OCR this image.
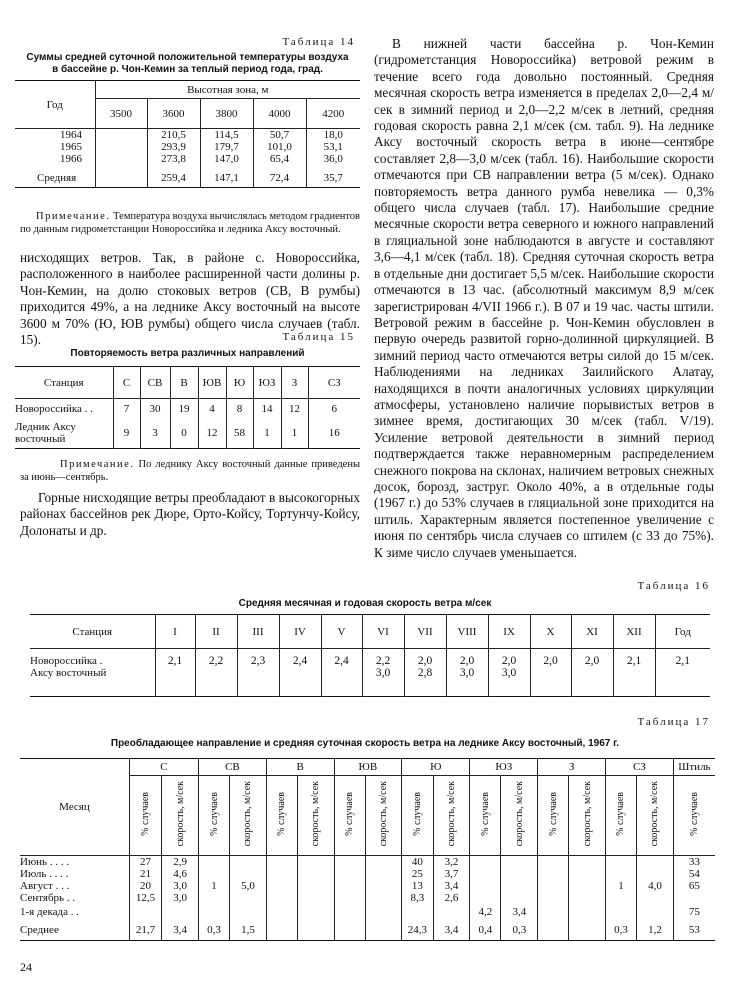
Таблица 14
Суммы средней суточной положительной температуры воздуха
в бассейне р. Чон-Кемин за теплый период года, град.
Год	Высотная зона, м				
	3500	3600	3800	4000	4200
1964		210,5	114,5	50,7	18,0
1965		293,9	179,7	101,0	53,1
1966		273,8	147,0	65,4	36,0
Средняя		259,4	147,1	72,4	35,7
Примечание. Температура воздуха вычислялась методом градиентов по данным гидрометстанции Новороссийка и ледника Аксу восточный.

нисходящих ветров. Так, в районе с. Новороссийка, расположенного в наиболее расширенной части долины р. Чон-Кемин, на долю стоковых ветров (СВ, В румбы) приходится 49%, а на леднике Аксу восточный на высоте 3600 м 70% (Ю, ЮВ румбы) общего числа случаев (табл. 15).	Таблица 15
Повторяемость ветра различных направлений
Станция	С	СВ	В	ЮВ	Ю	ЮЗ	З	СЗ
Новороссийка . .	7	30	19	4	8	14	12	6
Ледник Аксу восточный	9	3	0	12	58	1	1	16
Примечание. По леднику Аксу восточный данные приведены за июнь—сентябрь.

Горные нисходящие ветры преобладают в высокогорных районах бассейнов рек Дюре, Орто-Койсу, Тортунчу-Койсу, Долонаты и др.

В нижней части бассейна р. Чон-Кемин (гидрометстанция Новороссийка) ветровой режим в течение всего года довольно постоянный. Средняя месячная скорость ветра изменяется в пределах 2,0—2,4 м/сек в зимний период и 2,0—2,2 м/сек в летний, средняя годовая скорость равна 2,1 м/сек (см. табл. 9). На леднике Аксу восточный скорость ветра в июне—сентябре составляет 2,8—3,0 м/сек (табл. 16). Наибольшие скорости отмечаются при СВ направлении ветра (5 м/сек). Однако повторяемость ветра данного румба невелика — 0,3% общего числа случаев (табл. 17). Наибольшие средние месячные скорости ветра северного и южного направлений в гляциальной зоне наблюдаются в августе и составляют 3,6—4,1 м/сек (табл. 18). Средняя суточная скорость ветра в отдельные дни достигает 5,5 м/сек. Наибольшие скорости отмечаются в 13 час. (абсолютный максимум 8,9 м/сек зарегистрирован 4/VII 1966 г.). В 07 и 19 час. часты штили. Ветровой режим в бассейне р. Чон-Кемин обусловлен в первую очередь развитой горно-долинной циркуляцией. В зимний период часто отмечаются ветры силой до 15 м/сек. Наблюдениями на ледниках Заилийского Алатау, находящихся в почти аналогичных условиях циркуляции атмосферы, установлено наличие порывистых ветров в зимнее время, достигающих 30 м/сек (табл. V/19). Усиление ветровой деятельности в зимний период подтверждается также неравномерным распределением снежного покрова на склонах, наличием ветровых снежных досок, борозд, заструг. Около 40%, а в отдельные годы (1967 г.) до 53% случаев в гляциальной зоне приходится на штиль. Характерным является постепенное увеличение с июня по сентябрь числа случаев со штилем (с 33 до 75%). К зиме число случаев уменьшается.

Таблица 16
Средняя месячная и годовая скорость ветра м/сек
Станция	I	II	III	IV	V	VI	VII	VIII	IX	X	XI	XII	Год
Новороссийка .	2,1	2,2	2,3	2,4	2,4	2,2	2,0	2,0	2,0	2,0	2,0	2,1	2,1
Аксу восточный						3,0	2,8	3,0	3,0				
Таблица 17
Преобладающее направление и средняя суточная скорость ветра на леднике Аксу восточный, 1967 г.
Месяц	С		СВ		В		ЮВ		Ю		ЮЗ		З		СЗ		Штиль
	% случаев	скорость, м/сек	% случаев	скорость, м/сек	% случаев	скорость, м/сек	% случаев	скорость, м/сек	% случаев	скорость, м/сек	% случаев	скорость, м/сек	% случаев	скорость, м/сек	% случаев	скорость, м/сек	% случаев
Июнь . . . .	27	2,9							40	3,2							33
Июль . . . .	21	4,6							25	3,7							54
Август . . .	20	3,0	1	5,0					13	3,4					1	4,0	65
Сентябрь . .	12,5	3,0							8,3	2,6							
1-я декада . .											4,2	3,4					75
Среднее	21,7	3,4	0,3	1,5					24,3	3,4	0,4	0,3			0,3	1,2	53
24
